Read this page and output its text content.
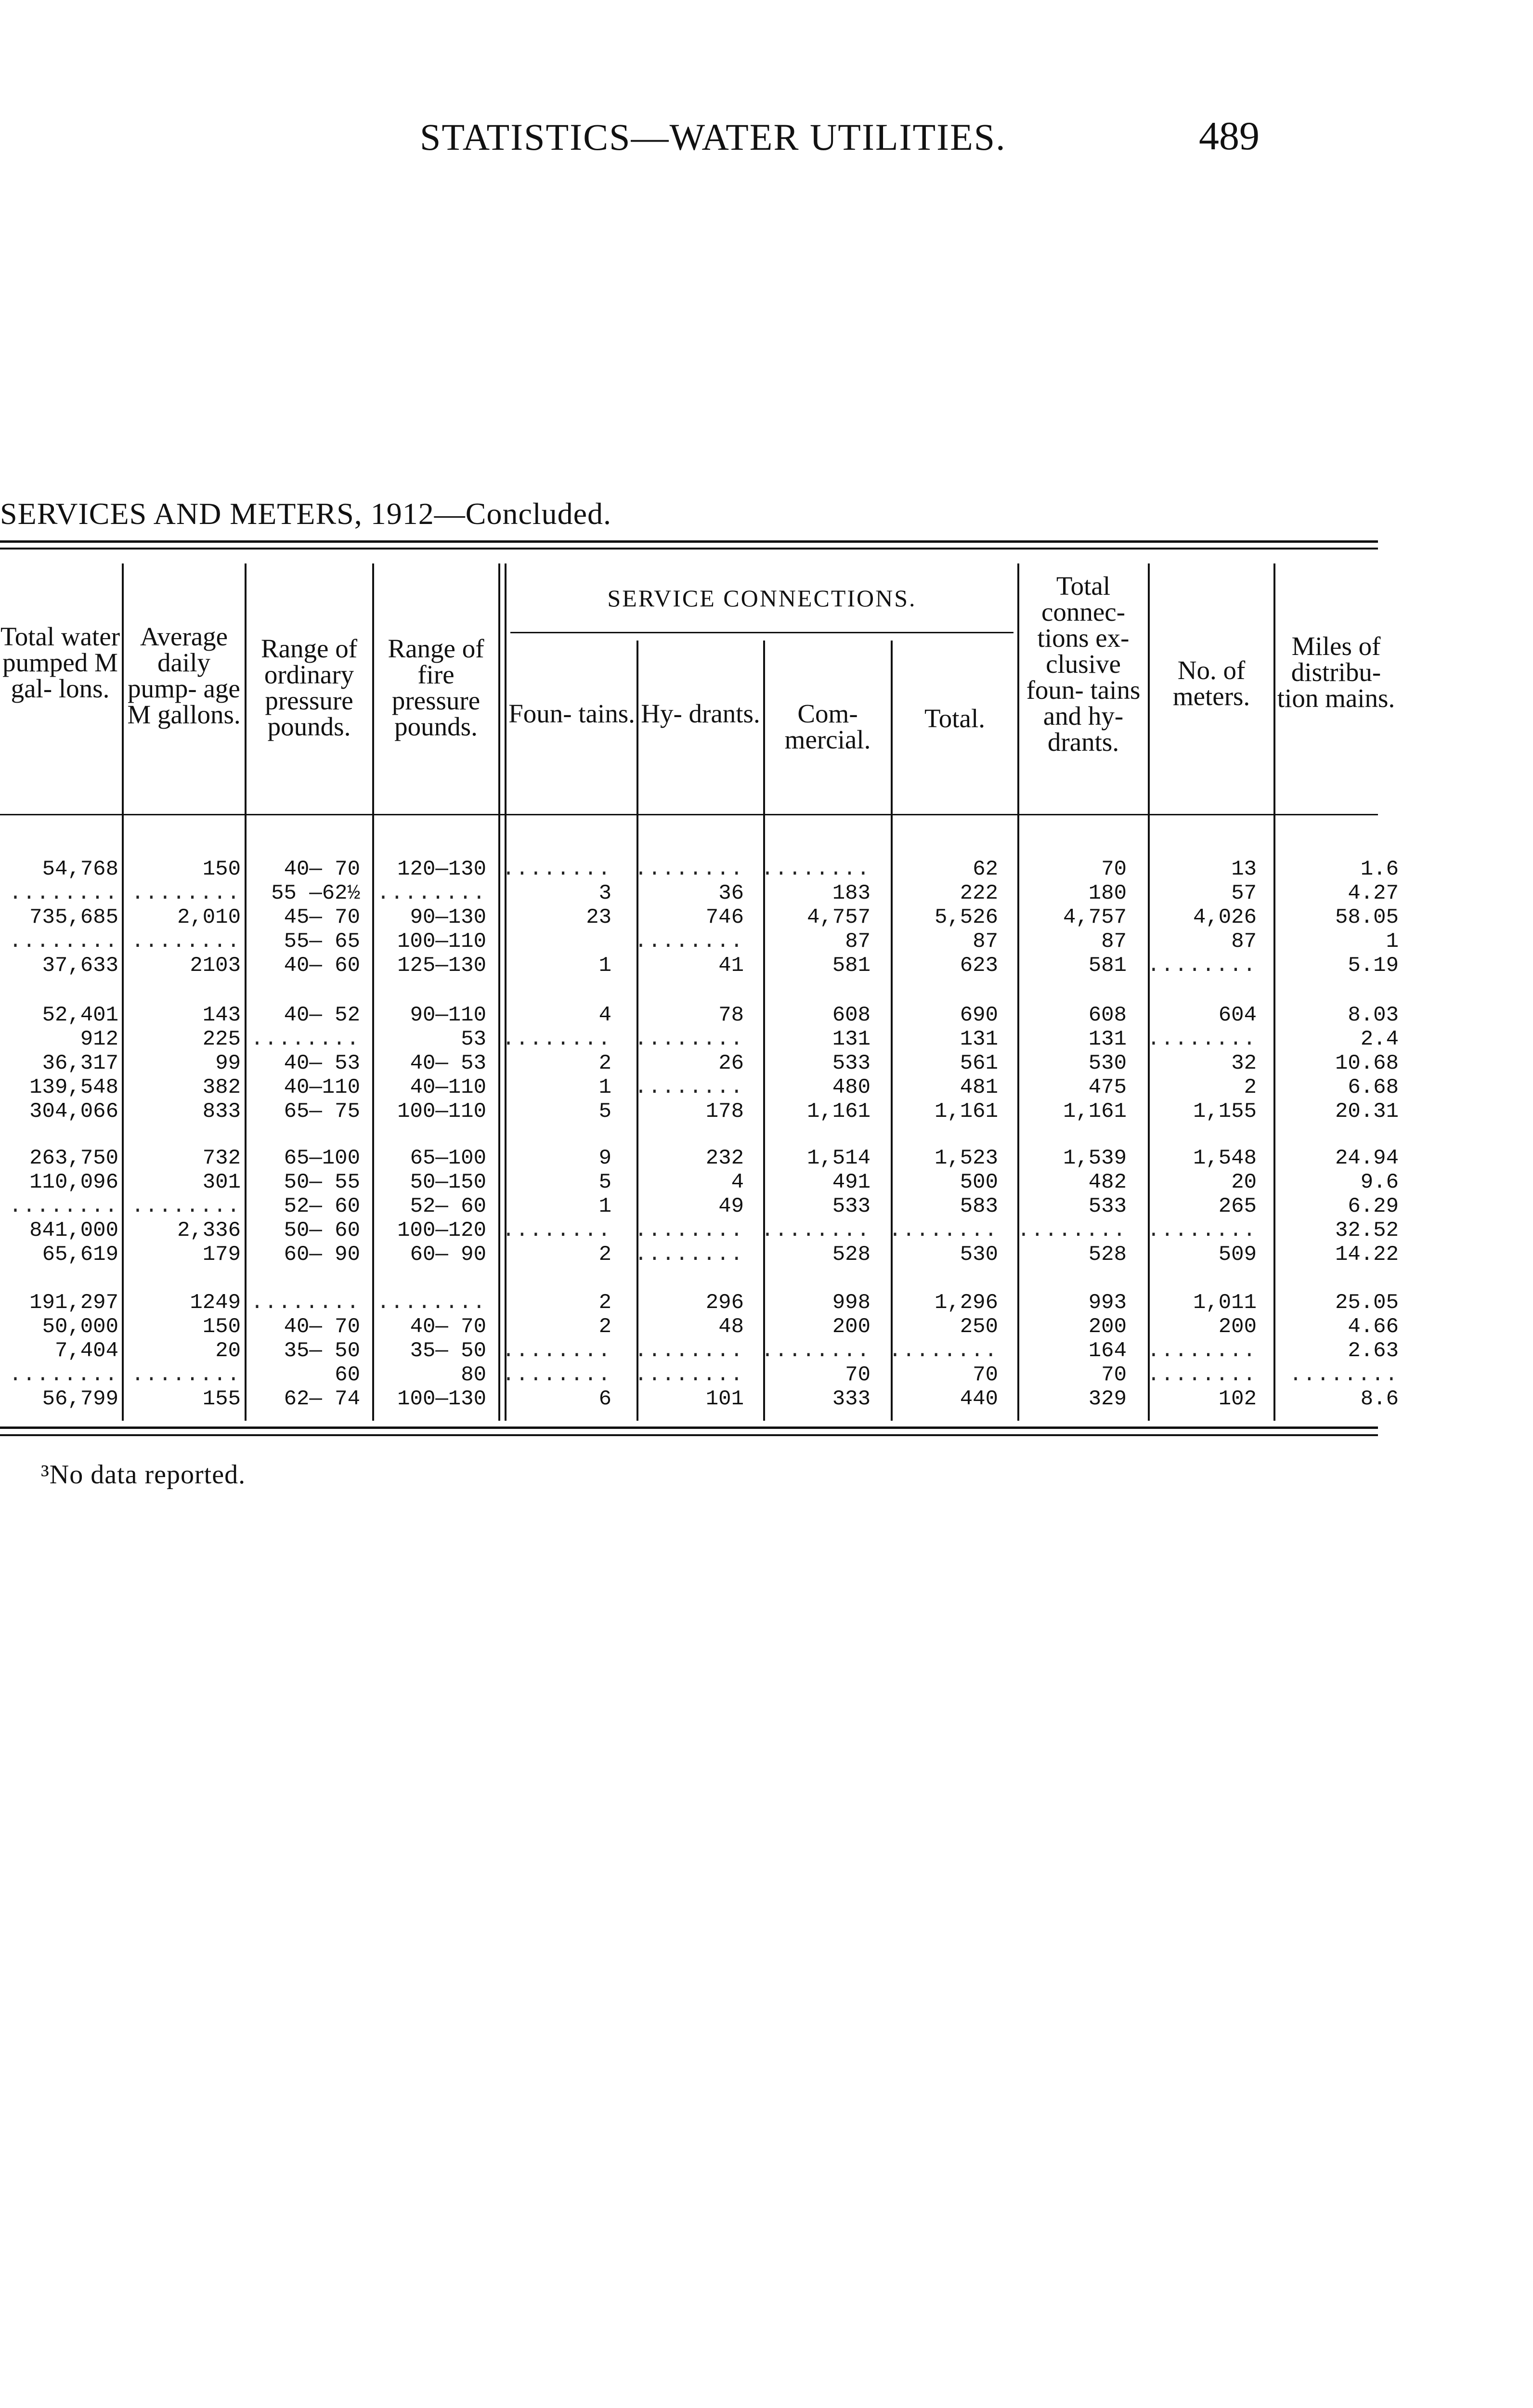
STATISTICS—WATER UTILITIES.	489
SERVICES AND METERS, 1912—Concluded.
Total water pumped M gal- lons.
Average daily pump- age M gallons.
Range of ordinary pressure pounds.
Range of fire pressure pounds.
SERVICE CONNECTIONS.
Foun- tains. Hy- drants.	Com- mercial.
Total.
Total connec- tions ex- clusive foun- tains and hy- drants.
No. of meters.
Miles of distribu- tion mains.
54,768
........
735,685
........
37,633
52,401
912
36,317
139,548
304,066
263,750
110,096
........
841,000
65,619
191,297
50,000
7,404
........
56,799
150
........
2,010
........
2103
143
225
99
382
833
732
301
........
2,336
179
1249
150
20
........
155
40— 70
55 —62½
45— 70
55— 65
40— 60
40— 52
........
40— 53
40—110
65— 75
65—100
50— 55
52— 60
50— 60
60— 90
........
40— 70
35— 50
60
62— 74
120—130
........
90—130
100—110
125—130
90—110
53
40— 53
40—110
100—110
65—100
50—150
52— 60
100—120
60— 90
........
40— 70
35— 50
80
100—130
........
3
23
1
4
........
2
1
5
9
5
1
........
2
2
2
........
........
6
........
36
746
........
41
78
........
26
........
178
232
4
49
........
........
296
48
........
........
101
........
183
4,757
87
581
608
131
533
480
1,161
1,514
491
533
........
528
998
200
........
70
333
62
222
5,526
87
623
690
131
561
481
1,161
1,523
500
583
........
530
1,296
250
........
70
440
70
180
4,757
87
581
608
131
530
475
1,161
1,539
482
533
........
528
993
200
164
70
329
13
57
4,026
87
........
604
........
32
2
1,155
1,548
20
265
........
509
1,011
200
........
........
102
1.6
4.27
58.05
1
5.19
8.03
2.4
10.68
6.68
20.31
24.94
9.6
6.29
32.52
14.22
25.05
4.66
2.63
........
8.6
³No data reported.
